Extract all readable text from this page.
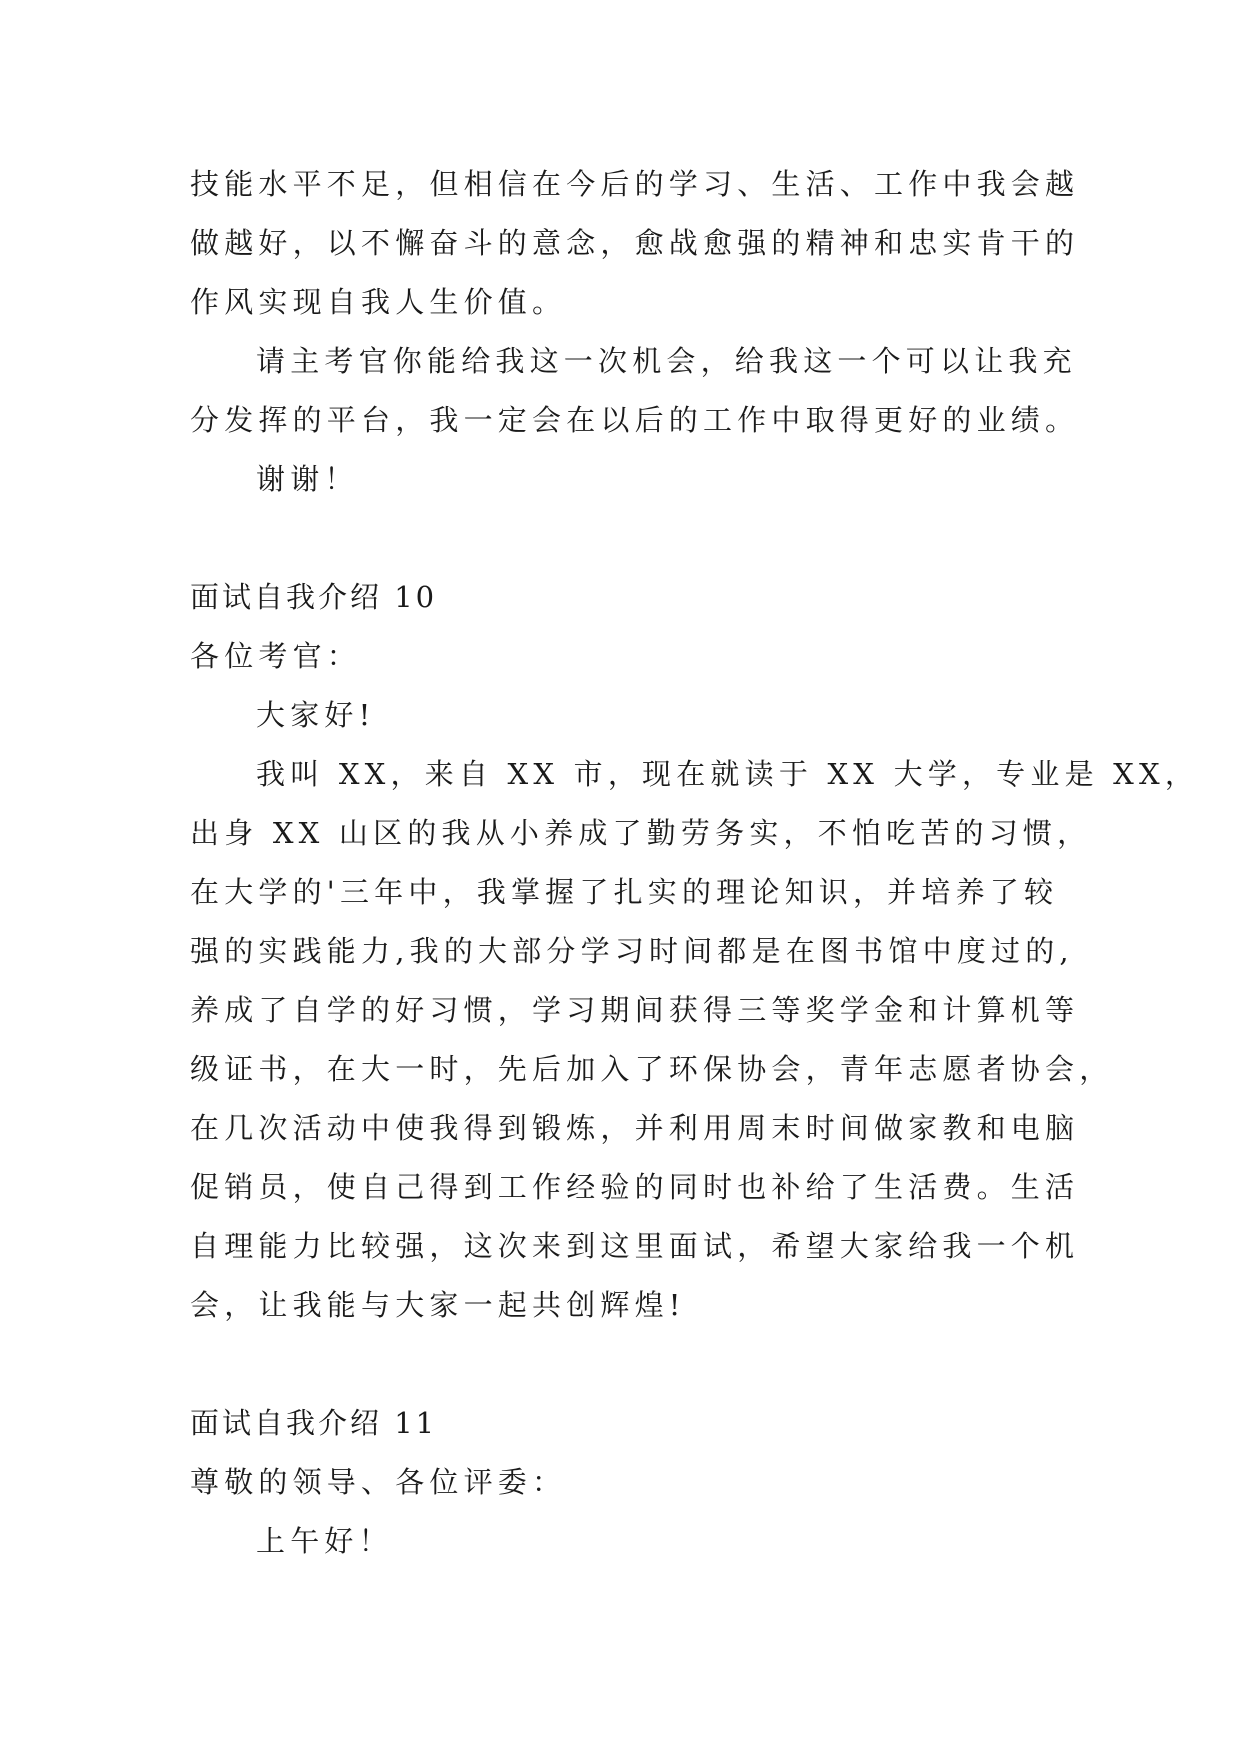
技能水平不足，但相信在今后的学习、生活、工作中我会越
做越好，以不懈奋斗的意念，愈战愈强的精神和忠实肯干的
作风实现自我人生价值。
请主考官你能给我这一次机会，给我这一个可以让我充
分发挥的平台，我一定会在以后的工作中取得更好的业绩。
谢谢！
面试自我介绍 10
各位考官：
大家好!
我叫 XX，来自 XX 市，现在就读于 XX 大学，专业是 XX，
出身 XX 山区的我从小养成了勤劳务实，不怕吃苦的习惯，
在大学的'三年中，我掌握了扎实的理论知识，并培养了较
强的实践能力,我的大部分学习时间都是在图书馆中度过的,
养成了自学的好习惯，学习期间获得三等奖学金和计算机等
级证书，在大一时，先后加入了环保协会，青年志愿者协会，
在几次活动中使我得到锻炼，并利用周末时间做家教和电脑
促销员，使自己得到工作经验的同时也补给了生活费。生活
自理能力比较强，这次来到这里面试，希望大家给我一个机
会，让我能与大家一起共创辉煌!
面试自我介绍 11
尊敬的领导、各位评委：
上午好！
